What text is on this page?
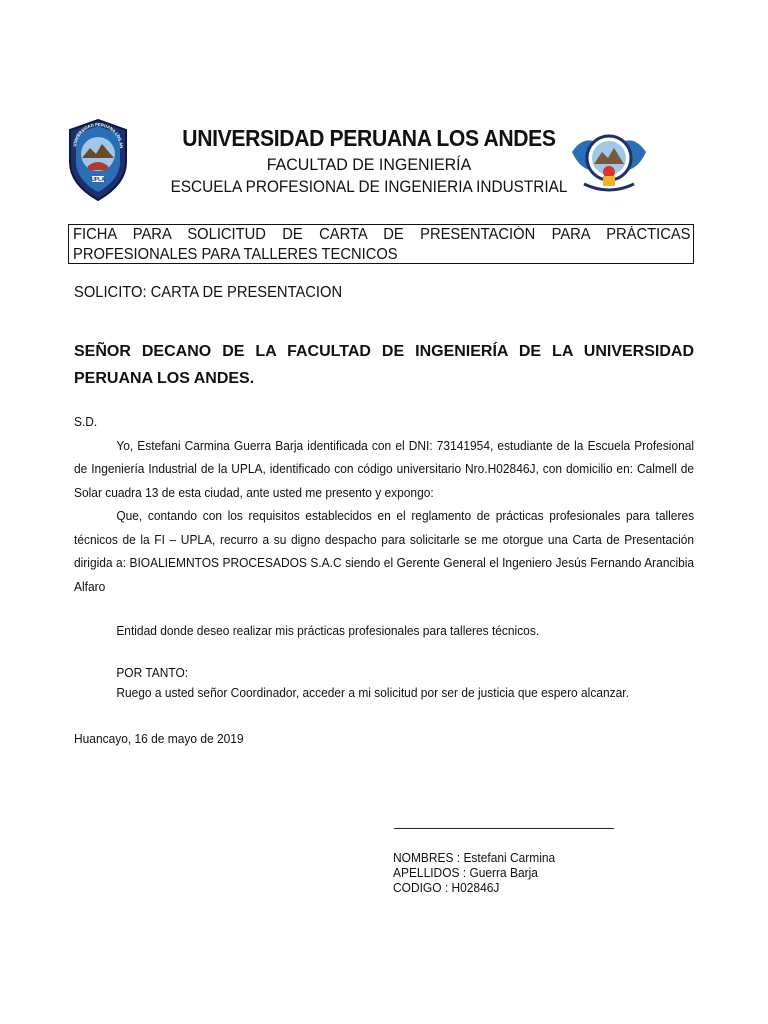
UPLA
UNIVERSIDAD PERUANA LOS AN	UNIVERSIDAD PERUANA LOS ANDES
FACULTAD DE INGENIERÍA
ESCUELA PROFESIONAL DE INGENIERIA INDUSTRIAL
FICHA PARA SOLICITUD DE CARTA DE PRESENTACIÓN PARA PRÁCTICAS PROFESIONALES PARA TALLERES TECNICOS
SOLICITO: CARTA DE PRESENTACION
SEÑOR DECANO DE LA FACULTAD DE INGENIERÍA DE LA UNIVERSIDAD PERUANA LOS ANDES.
S.D.
Yo, Estefani Carmina Guerra Barja identificada con el DNI: 73141954, estudiante de la Escuela Profesional de Ingeniería Industrial de la UPLA, identificado con código universitario Nro.H02846J, con domicilio en: Calmell de Solar cuadra 13 de esta ciudad, ante usted me presento y expongo:
Que, contando con los requisitos establecidos en el reglamento de prácticas profesionales para talleres técnicos de la FI – UPLA, recurro a su digno despacho para solicitarle se me otorgue una Carta de Presentación dirigida a: BIOALIEMNTOS PROCESADOS S.A.C siendo el Gerente General el Ingeniero Jesús Fernando Arancibia Alfaro
Entidad donde deseo realizar mis prácticas profesionales para talleres técnicos.
POR TANTO:
Ruego a usted señor Coordinador, acceder a mi solicitud por ser de justicia que espero alcanzar.
Huancayo, 16 de mayo de 2019
NOMBRES : Estefani Carmina
APELLIDOS : Guerra Barja
CODIGO : H02846J
